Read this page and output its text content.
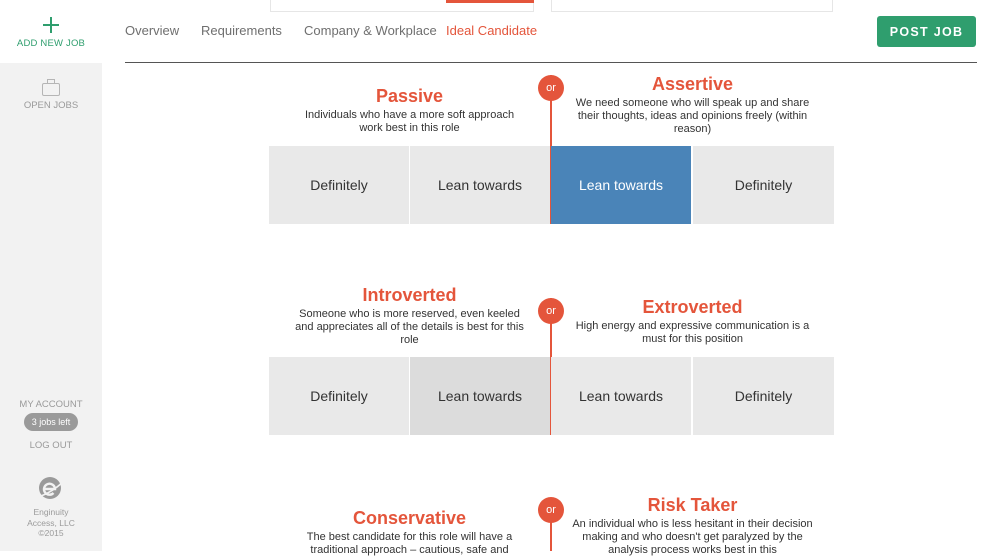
ADD NEW JOB
OPEN JOBS
MY ACCOUNT
3 jobs left
LOG OUT
Enginuity
Access, LLC
©2015
Overview Requirements Company & Workplace Ideal Candidate	POST JOB
or
Passive

Individuals who have a more soft approach work best in this role

Assertive

We need someone who will speak up and share their thoughts, ideas and opinions freely (within reason)

Definitely	Lean towards	Lean towards	Definitely
or
Introverted

Someone who is more reserved, even keeled and appreciates all of the details is best for this role

Extroverted

High energy and expressive communication is a must for this position

Definitely	Lean towards	Lean towards	Definitely
or
Conservative

The best candidate for this role will have a traditional approach – cautious, safe and

Risk Taker

An individual who is less hesitant in their decision making and who doesn't get paralyzed by the analysis process works best in this
